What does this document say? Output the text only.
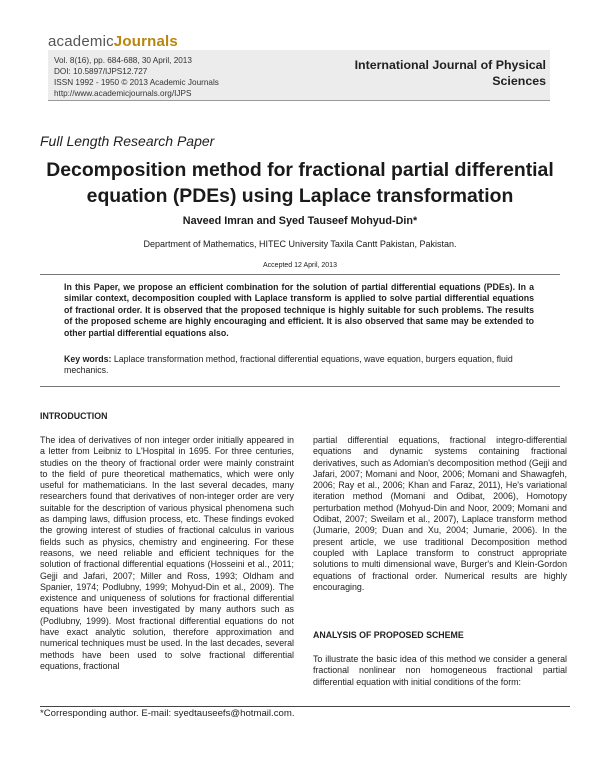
academicJournals
Vol. 8(16), pp. 684-688, 30 April, 2013
DOI: 10.5897/IJPS12.727
ISSN 1992 - 1950 © 2013 Academic Journals
http://www.academicjournals.org/IJPS
International Journal of Physical Sciences
Full Length Research Paper
Decomposition method for fractional partial differential equation (PDEs) using Laplace transformation
Naveed Imran and Syed Tauseef Mohyud-Din*
Department of Mathematics, HITEC University Taxila Cantt Pakistan, Pakistan.
Accepted 12 April, 2013
In this Paper, we propose an efficient combination for the solution of partial differential equations (PDEs). In a similar context, decomposition coupled with Laplace transform is applied to solve partial differential equations of fractional order. It is observed that the proposed technique is highly suitable for such problems. The results of the proposed scheme are highly encouraging and efficient. It is also observed that same may be extended to other partial differential equations also.
Key words: Laplace transformation method, fractional differential equations, wave equation, burgers equation, fluid mechanics.
INTRODUCTION
The idea of derivatives of non integer order initially appeared in a letter from Leibniz to L'Hospital in 1695. For three centuries, studies on the theory of fractional order were mainly constraint to the field of pure theoretical mathematics, which were only useful for mathematicians. In the last several decades, many researchers found that derivatives of non-integer order are very suitable for the description of various physical phenomena such as damping laws, diffusion process, etc. These findings evoked the growing interest of studies of fractional calculus in various fields such as physics, chemistry and engineering. For these reasons, we need reliable and efficient techniques for the solution of fractional differential equations (Hosseini et al., 2011; Gejji and Jafari, 2007; Miller and Ross, 1993; Oldham and Spanier, 1974; Podlubny, 1999; Mohyud-Din et al., 2009). The existence and uniqueness of solutions for fractional differential equations have been investigated by many authors such as (Podlubny, 1999). Most fractional differential equations do not have exact analytic solution, therefore approximation and numerical techniques must be used. In the last decades, several methods have been used to solve fractional differential equations, fractional
partial differential equations, fractional integro-differential equations and dynamic systems containing fractional derivatives, such as Adomian's decomposition method (Gejji and Jafari, 2007; Momani and Noor, 2006; Momani and Shawagfeh, 2006; Ray et al., 2006; Khan and Faraz, 2011), He's variational iteration method (Momani and Odibat, 2006), Homotopy perturbation method (Mohyud-Din and Noor, 2009; Momani and Odibat, 2007; Sweilam et al., 2007), Laplace transform method (Jumarie, 2009; Duan and Xu, 2004; Jumarie, 2006). In the present article, we use traditional Decomposition method coupled with Laplace transform to construct appropriate solutions to multi dimensional wave, Burger's and Klein-Gordon equations of fractional order. Numerical results are highly encouraging.
ANALYSIS OF PROPOSED SCHEME
To illustrate the basic idea of this method we consider a general fractional nonlinear non homogeneous fractional partial differential equation with initial conditions of the form:
*Corresponding author. E-mail: syedtauseefs@hotmail.com.
